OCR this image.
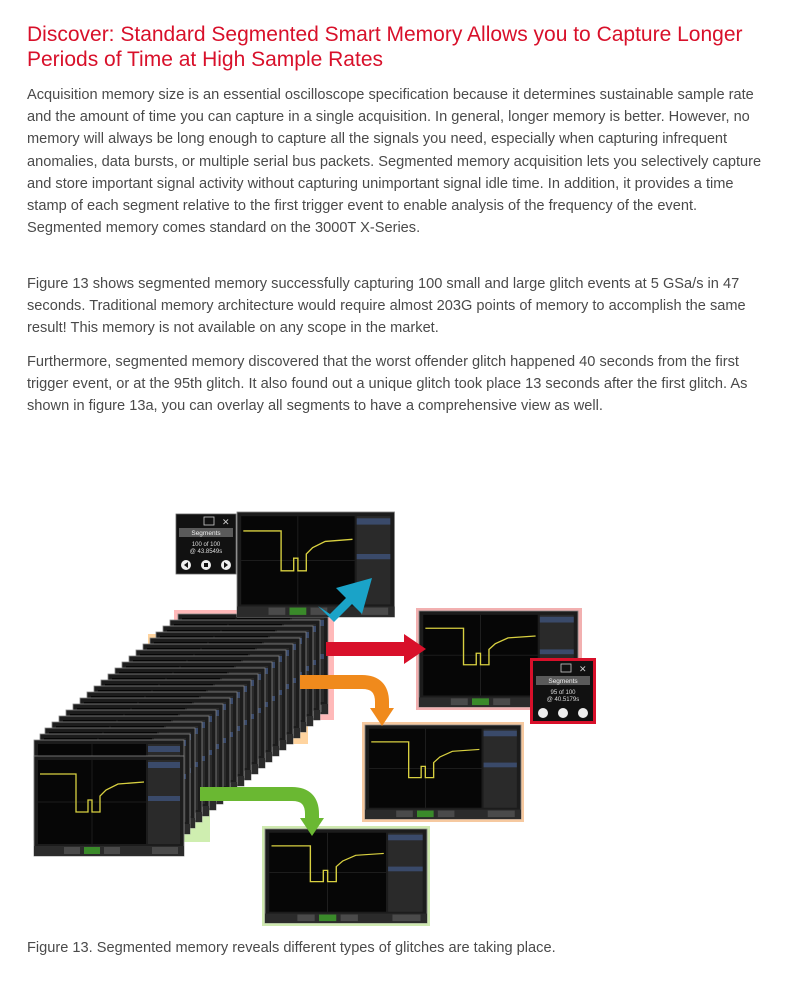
Discover: Standard Segmented Smart Memory Allows you to Capture Longer Periods of Time at High Sample Rates

Acquisition memory size is an essential oscilloscope specification because it determines sustainable sample rate and the amount of time you can capture in a single acquisition. In general, longer memory is better. However, no memory will always be long enough to capture all the signals you need, especially when capturing infrequent anomalies, data bursts, or multiple serial bus packets. Segmented memory acquisition lets you selectively capture and store important signal activity without capturing unimportant signal idle time. In addition, it provides a time stamp of each segment relative to the first trigger event to enable analysis of the frequency of the event. Segmented memory comes standard on the 3000T X-Series.

Figure 13 shows segmented memory successfully capturing 100 small and large glitch events at 5 GSa/s in 47 seconds. Traditional memory architecture would require almost 203G points of memory to accomplish the same result! This memory is not available on any scope in the market.

Furthermore, segmented memory discovered that the worst offender glitch happened 40 seconds from the first trigger event, or at the 95th glitch. It also found out a unique glitch took place 13 seconds after the first glitch. As shown in figure 13a, you can overlay all segments to have a comprehensive view as well.

✕
Segments
100 of 100
@ 43.8549s
✕
Segments
95 of 100
@ 40.5179s
Figure 13. Segmented memory reveals different types of glitches are taking place.
